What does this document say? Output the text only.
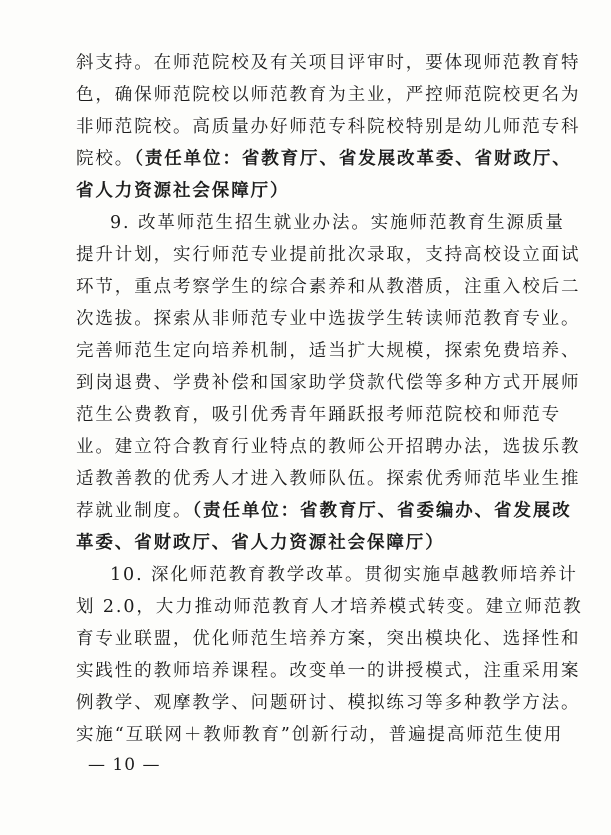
斜支持。在师范院校及有关项目评审时，要体现师范教育特
色，确保师范院校以师范教育为主业，严控师范院校更名为
非师范院校。高质量办好师范专科院校特别是幼儿师范专科
院校。（责任单位：省教育厅、省发展改革委、省财政厅、
省人力资源社会保障厅）
9. 改革师范生招生就业办法。实施师范教育生源质量
提升计划，实行师范专业提前批次录取，支持高校设立面试
环节，重点考察学生的综合素养和从教潜质，注重入校后二
次选拔。探索从非师范专业中选拔学生转读师范教育专业。
完善师范生定向培养机制，适当扩大规模，探索免费培养、
到岗退费、学费补偿和国家助学贷款代偿等多种方式开展师
范生公费教育，吸引优秀青年踊跃报考师范院校和师范专
业。建立符合教育行业特点的教师公开招聘办法，选拔乐教
适教善教的优秀人才进入教师队伍。探索优秀师范毕业生推
荐就业制度。（责任单位：省教育厅、省委编办、省发展改
革委、省财政厅、省人力资源社会保障厅）
10. 深化师范教育教学改革。贯彻实施卓越教师培养计
划 2.0，大力推动师范教育人才培养模式转变。建立师范教
育专业联盟，优化师范生培养方案，突出模块化、选择性和
实践性的教师培养课程。改变单一的讲授模式，注重采用案
例教学、观摩教学、问题研讨、模拟练习等多种教学方法。
实施“互联网＋教师教育”创新行动，普遍提高师范生使用
— 10 —
